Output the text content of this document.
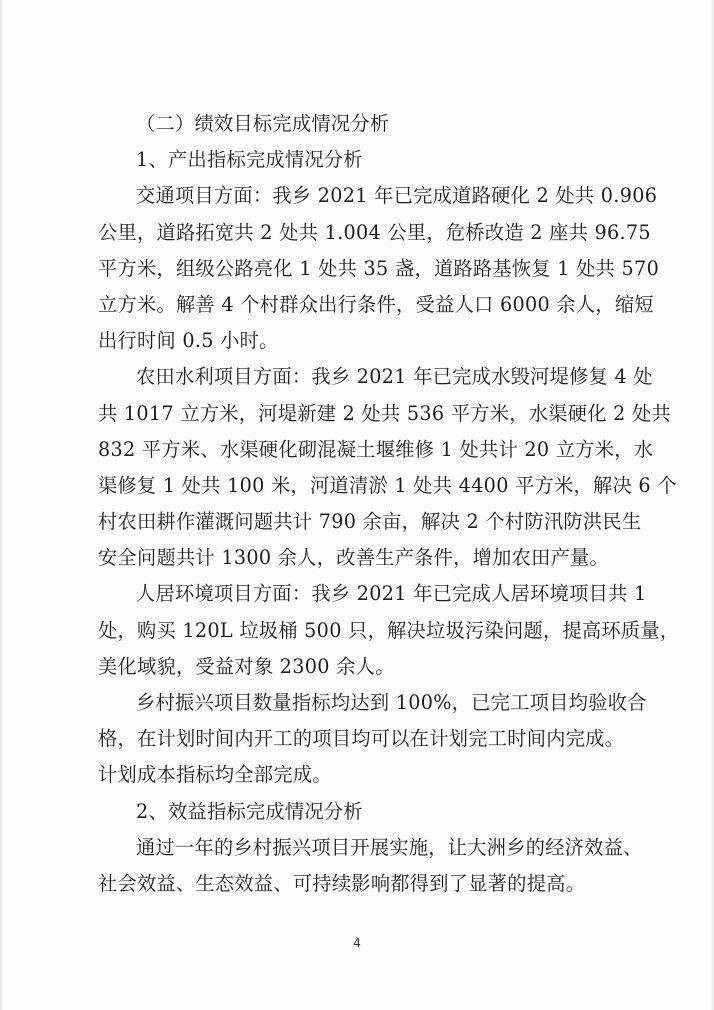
（二）绩效目标完成情况分析
1、产出指标完成情况分析
交通项目方面：我乡 2021 年已完成道路硬化 2 处共 0.906
公里，道路拓宽共 2 处共 1.004 公里，危桥改造 2 座共 96.75
平方米，组级公路亮化 1 处共 35 盏，道路路基恢复 1 处共 570
立方米。解善 4 个村群众出行条件，受益人口 6000 余人，缩短
出行时间 0.5 小时。
农田水利项目方面：我乡 2021 年已完成水毁河堤修复 4 处
共 1017 立方米，河堤新建 2 处共 536 平方米，水渠硬化 2 处共
832 平方米、水渠硬化砌混凝土堰维修 1 处共计 20 立方米，水
渠修复 1 处共 100 米，河道清淤 1 处共 4400 平方米，解决 6 个
村农田耕作灌溉问题共计 790 余亩，解决 2 个村防汛防洪民生
安全问题共计 1300 余人，改善生产条件，增加农田产量。
人居环境项目方面：我乡 2021 年已完成人居环境项目共 1
处，购买 120L 垃圾桶 500 只，解决垃圾污染问题，提高环质量，
美化域貌，受益对象 2300 余人。
乡村振兴项目数量指标均达到 100%，已完工项目均验收合
格，在计划时间内开工的项目均可以在计划完工时间内完成。
计划成本指标均全部完成。
2、效益指标完成情况分析
通过一年的乡村振兴项目开展实施，让大洲乡的经济效益、
社会效益、生态效益、可持续影响都得到了显著的提高。
4
